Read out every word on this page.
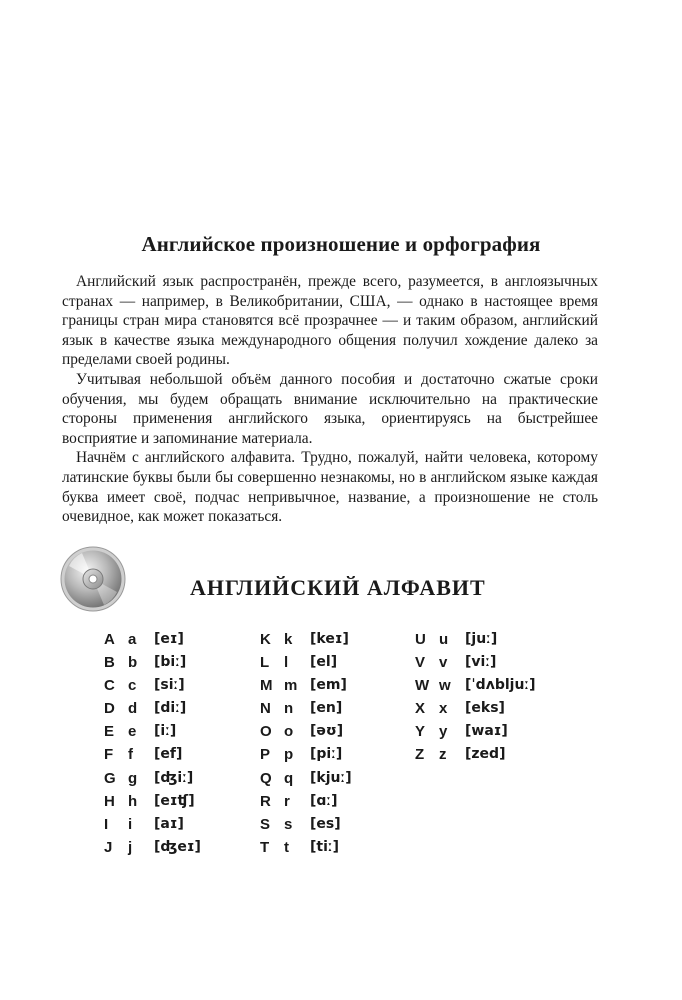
Английское произношение и орфография

Английский язык распространён, прежде всего, разумеется, в англоязычных странах — например, в Великобритании, США, — однако в настоящее время границы стран мира становятся всё прозрачнее — и таким образом, английский язык в качестве языка международного общения получил хождение далеко за пределами своей родины.

Учитывая небольшой объём данного пособия и достаточно сжатые сроки обучения, мы будем обращать внимание исключительно на практические стороны применения английского языка, ориентируясь на быстрейшее восприятие и запоминание материала.

Начнём с английского алфавита. Трудно, пожалуй, найти человека, которому латинские буквы были бы совершенно незнакомы, но в английском языке каждая буква имеет своё, подчас непривычное, название, а произношение не столь очевидное, как может показаться.

АНГЛИЙСКИЙ АЛФАВИТ
A a [eɪ]
B b [biː]
C c [siː]
D d [diː]
E e [iː]
F f [ef]
G g [ʤiː]
H h [eɪʧ]
I i [aɪ]
J j [ʤeɪ]
K k [keɪ]
L l [el]
M m [em]
N n [en]
O o [əʊ]
P p [piː]
Q q [kjuː]
R r [ɑː]
S s [es]
T t [tiː]
U u [juː]
V v [viː]
W w [ˈdʌbljuː]
X x [eks]
Y y [waɪ]
Z z [zed]
